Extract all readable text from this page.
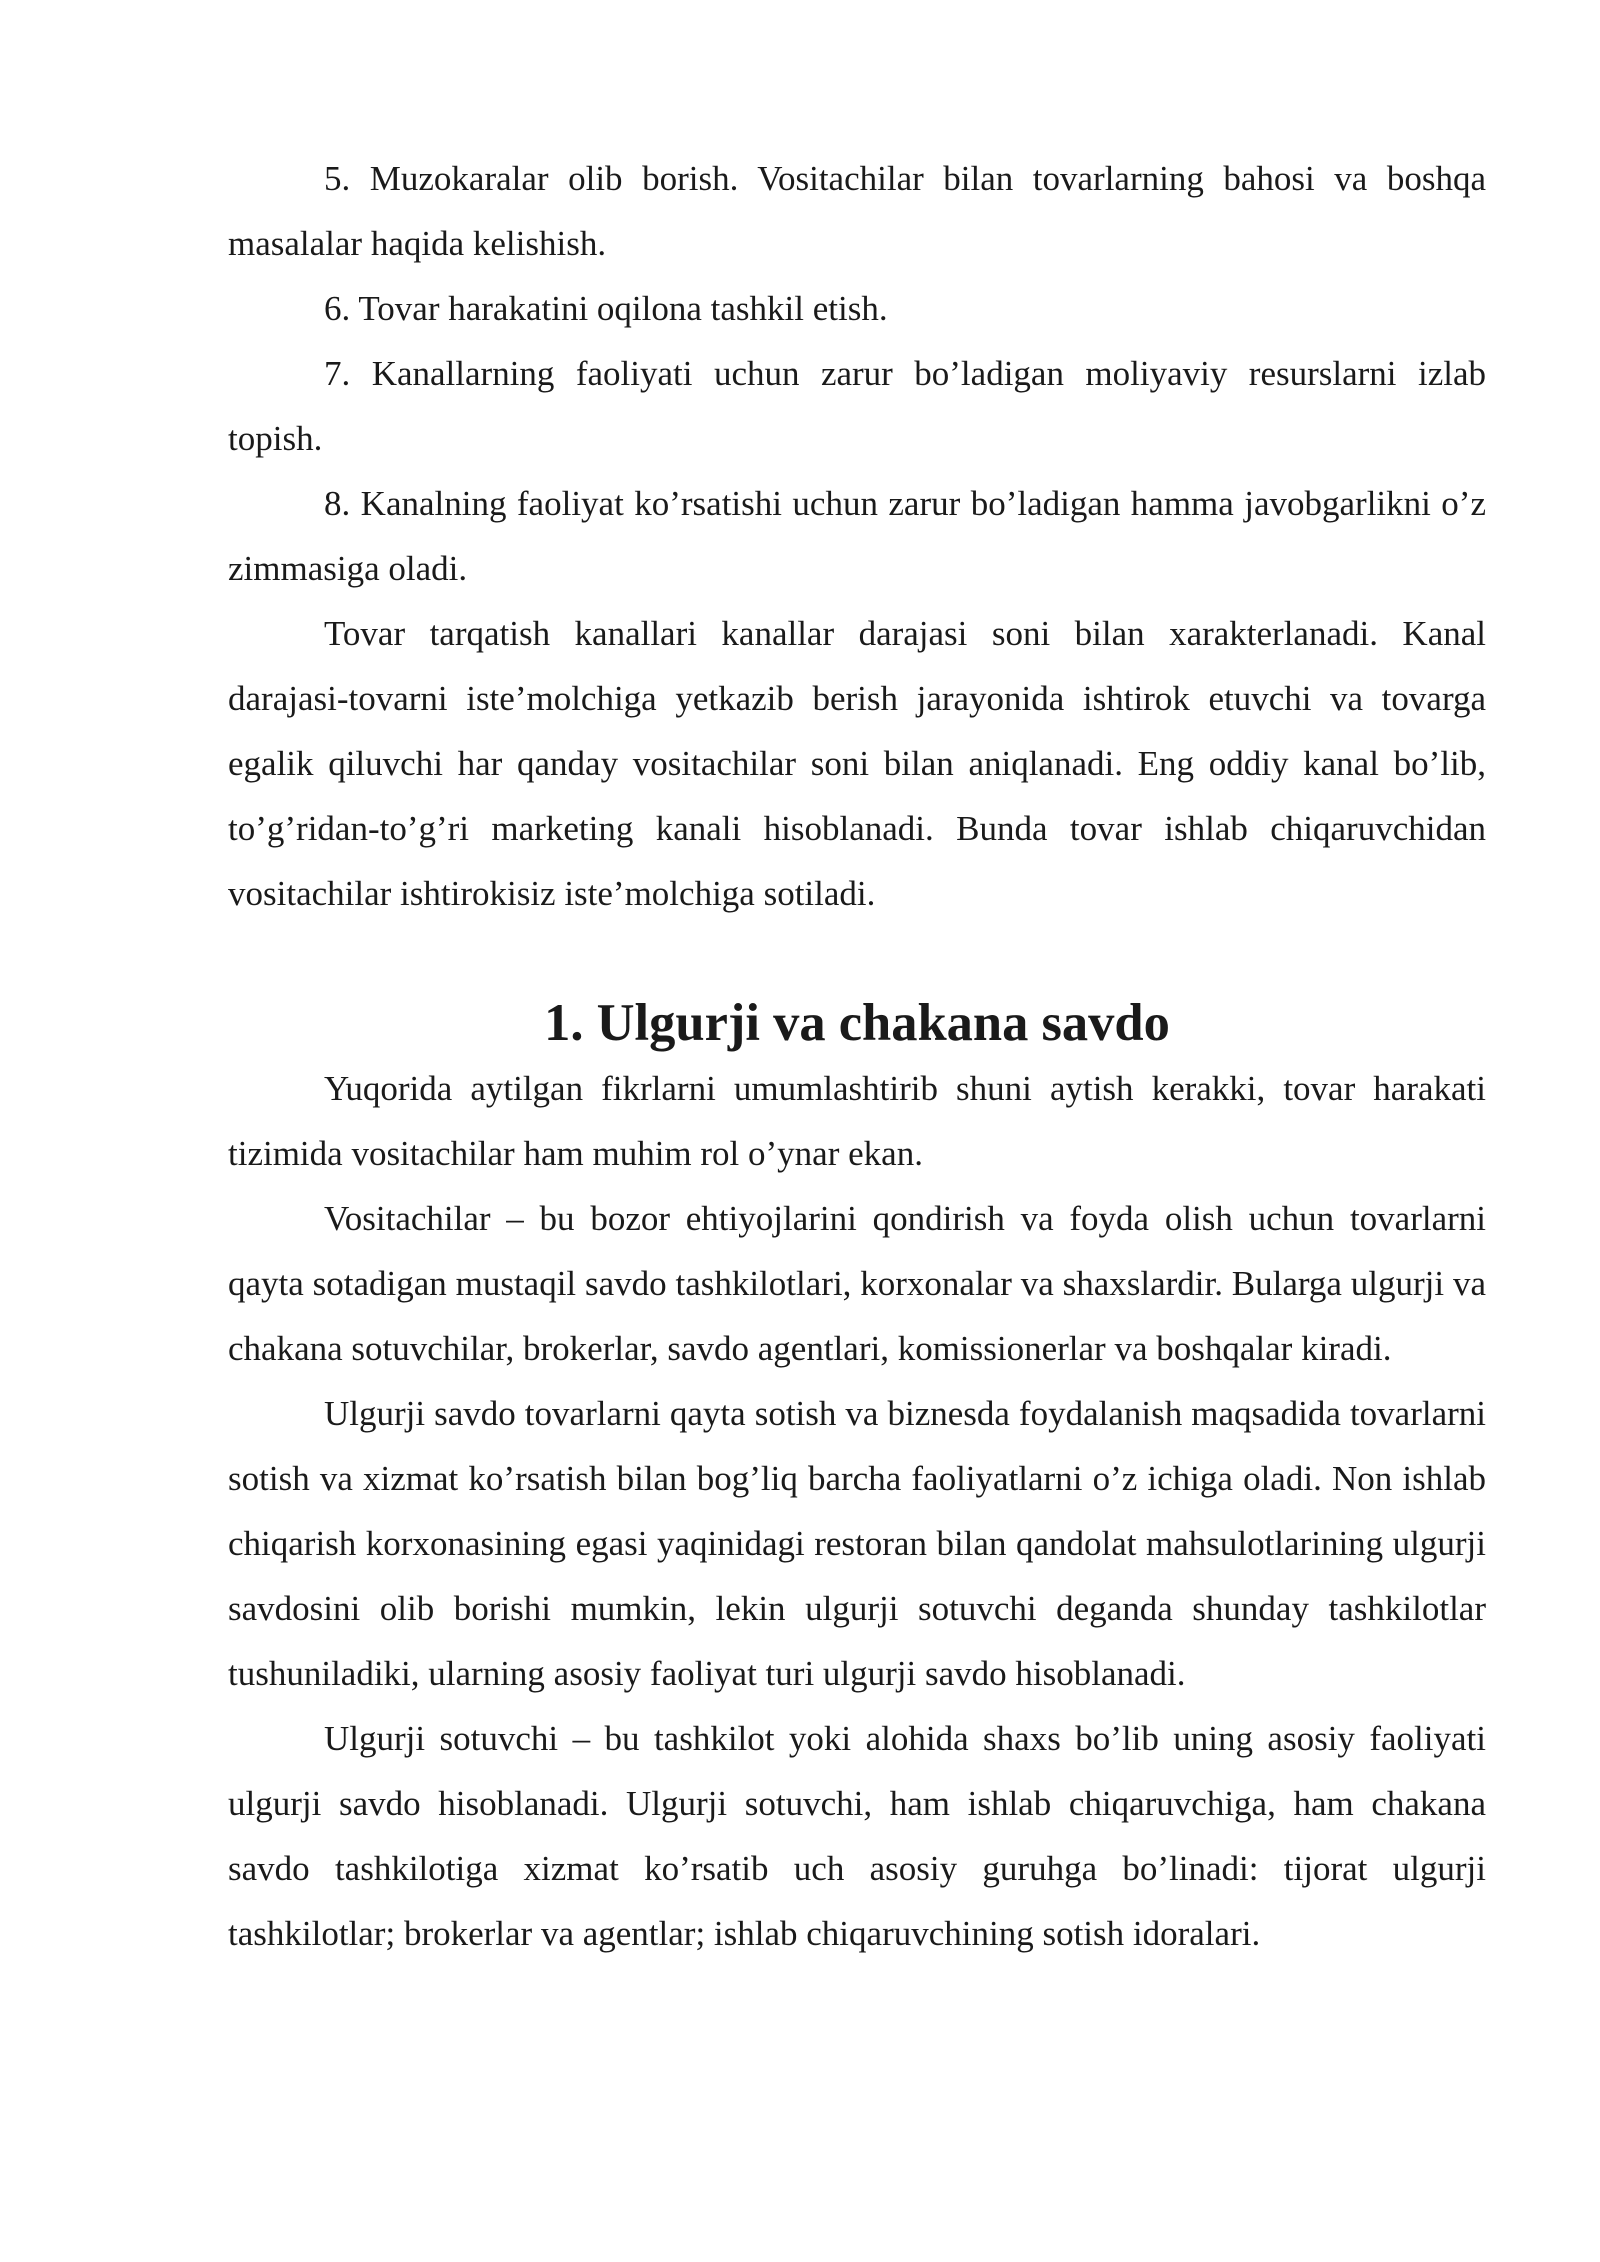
5. Muzokaralar olib borish. Vositachilar bilan tovarlarning bahosi va boshqa masalalar haqida kelishish.

6. Tovar harakatini oqilona tashkil etish.

7. Kanallarning faoliyati uchun zarur bo’ladigan moliyaviy resurslarni izlab topish.

8. Kanalning faoliyat ko’rsatishi uchun zarur bo’ladigan hamma javobgarlikni o’z zimmasiga oladi.

Tovar tarqatish kanallari kanallar darajasi soni bilan xarakterlanadi. Kanal darajasi-tovarni iste’molchiga yetkazib berish jarayonida ishtirok etuvchi va tovarga egalik qiluvchi har qanday vositachilar soni bilan aniqlanadi. Eng oddiy kanal bo’lib, to’g’ridan-to’g’ri marketing kanali hisoblanadi. Bunda tovar ishlab chiqaruvchidan vositachilar ishtirokisiz iste’molchiga sotiladi.

1. Ulgurji va chakana savdo

Yuqorida aytilgan fikrlarni umumlashtirib shuni aytish kerakki, tovar harakati tizimida vositachilar ham muhim rol o’ynar ekan.

Vositachilar – bu bozor ehtiyojlarini qondirish va foyda olish uchun tovarlarni qayta sotadigan mustaqil savdo tashkilotlari, korxonalar va shaxslardir. Bularga ulgurji va chakana sotuvchilar, brokerlar, savdo agentlari, komissionerlar va boshqalar kiradi.

Ulgurji savdo tovarlarni qayta sotish va biznesda foydalanish maqsadida tovarlarni sotish va xizmat ko’rsatish bilan bog’liq barcha faoliyatlarni o’z ichiga oladi. Non ishlab chiqarish korxonasining egasi yaqinidagi restoran bilan qandolat mahsulotlarining ulgurji savdosini olib borishi mumkin, lekin ulgurji sotuvchi deganda shunday tashkilotlar tushuniladiki, ularning asosiy faoliyat turi ulgurji savdo hisoblanadi.

Ulgurji sotuvchi – bu tashkilot yoki alohida shaxs bo’lib uning asosiy faoliyati ulgurji savdo hisoblanadi. Ulgurji sotuvchi, ham ishlab chiqaruvchiga, ham chakana savdo tashkilotiga xizmat ko’rsatib uch asosiy guruhga bo’linadi: tijorat ulgurji tashkilotlar; brokerlar va agentlar; ishlab chiqaruvchining sotish idoralari.
